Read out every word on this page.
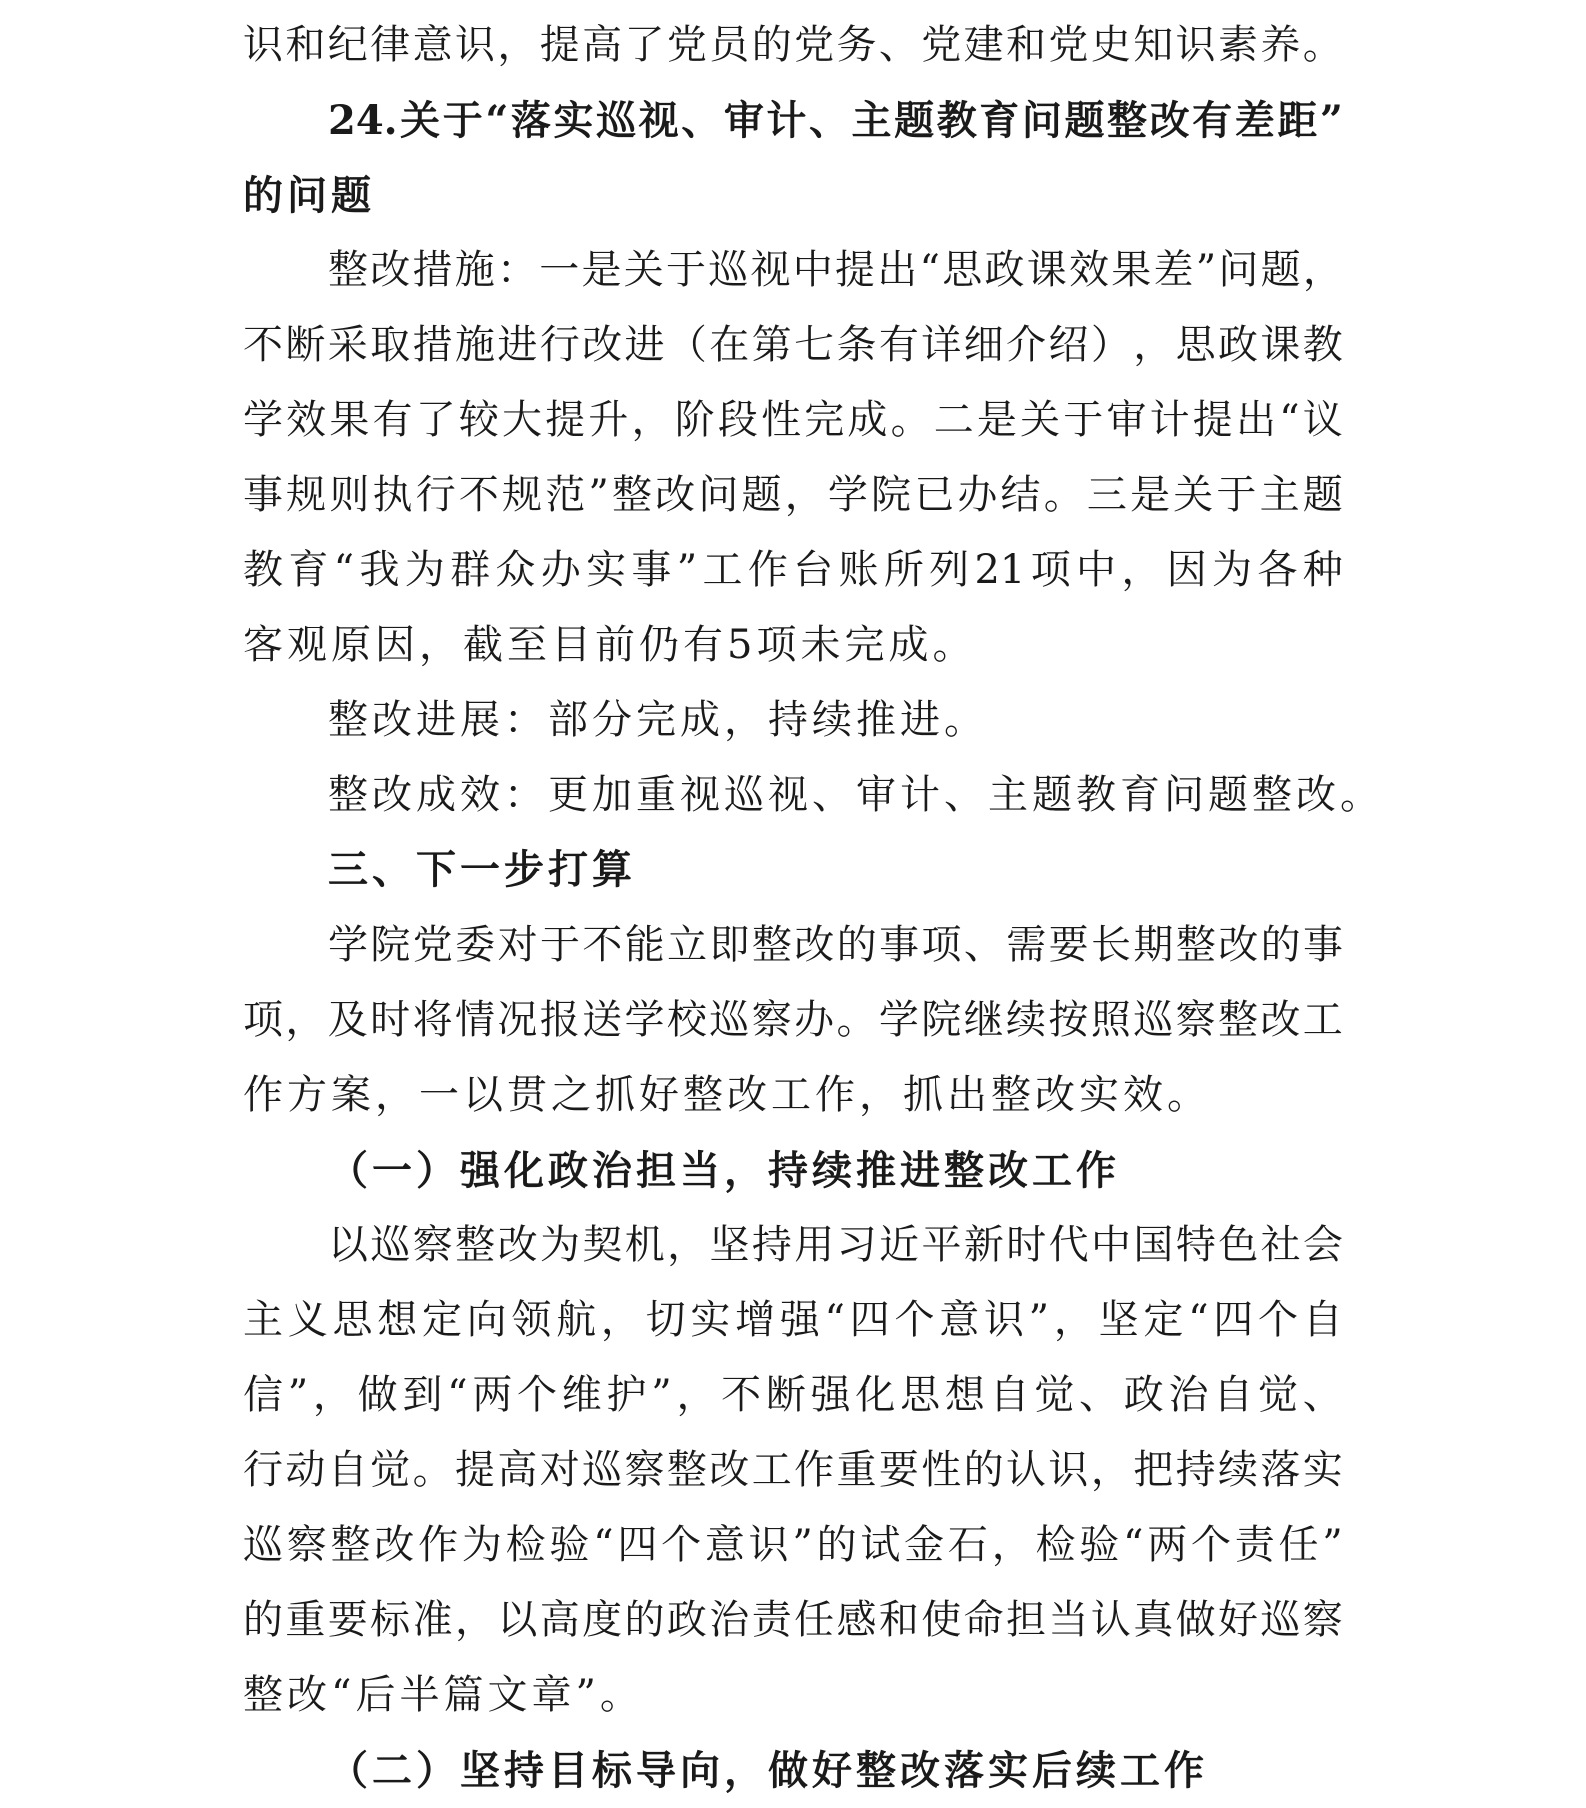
识 和 纪 律 意 识 ， 提 高 了 党 员 的 党 务 、 党 建 和 党 史 知 识 素 养 。
24. 关 于 “ 落 实 巡 视 、 审 计 、 主 题 教 育 问 题 整 改 有 差 距 ”
的问题
整 改 措 施 ： 一 是 关 于 巡 视 中 提 出 “ 思 政 课 效 果 差 ” 问 题 ，
不 断 采 取 措 施 进 行 改 进 （ 在 第 七 条 有 详 细 介 绍 ） ， 思 政 课 教
学 效 果 有 了 较 大 提 升 ， 阶 段 性 完 成 。 二 是 关 于 审 计 提 出 “ 议
事 规 则 执 行 不 规 范 ” 整 改 问 题 ， 学 院 已 办 结 。 三 是 关 于 主 题
教 育 “ 我 为 群 众 办 实 事 ” 工 作 台 账 所 列 21 项 中 ， 因 为 各 种
客观原因，截至目前仍有5项未完成。
整改进展：部分完成，持续推进。
整改成效：更加重视巡视、审计、主题教育问题整改。
三、下一步打算
学 院 党 委 对 于 不 能 立 即 整 改 的 事 项 、 需 要 长 期 整 改 的 事
项 ， 及 时 将 情 况 报 送 学 校 巡 察 办 。 学 院 继 续 按 照 巡 察 整 改 工
作方案，一以贯之抓好整改工作，抓出整改实效。
（一）强化政治担当，持续推进整改工作
以 巡 察 整 改 为 契 机 ， 坚 持 用 习 近 平 新 时 代 中 国 特 色 社 会
主 义 思 想 定 向 领 航 ， 切 实 增 强 “ 四 个 意 识 ” ， 坚 定 “ 四 个 自
信 ” ， 做 到 “ 两 个 维 护 ” ， 不 断 强 化 思 想 自 觉 、 政 治 自 觉 、
行 动 自 觉 。 提 高 对 巡 察 整 改 工 作 重 要 性 的 认 识 ， 把 持 续 落 实
巡 察 整 改 作 为 检 验 “ 四 个 意 识 ” 的 试 金 石 ， 检 验 “ 两 个 责 任 ”
的 重 要 标 准 ， 以 高 度 的 政 治 责 任 感 和 使 命 担 当 认 真 做 好 巡 察
整改“后半篇文章”。
（二）坚持目标导向，做好整改落实后续工作
